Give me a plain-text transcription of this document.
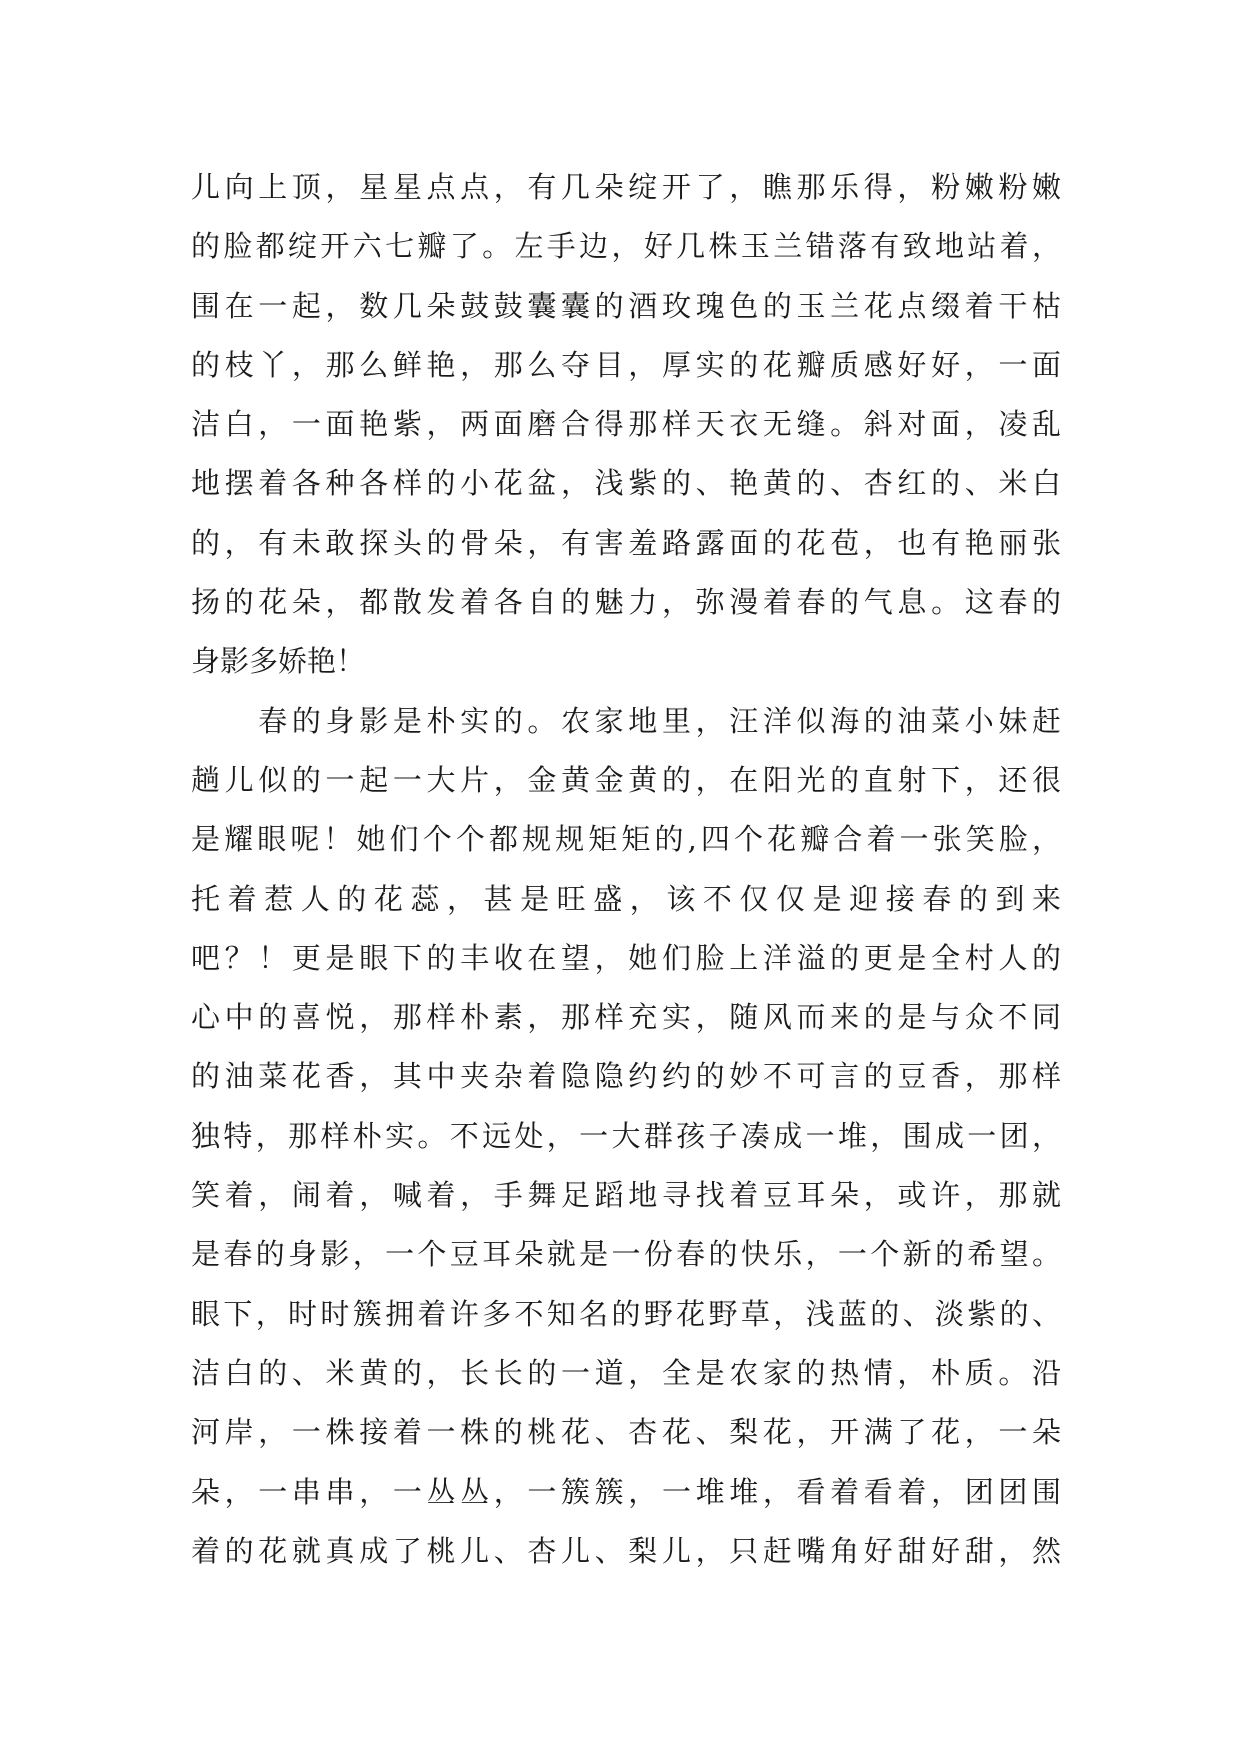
儿向上顶，星星点点，有几朵绽开了，瞧那乐得，粉嫩粉嫩
的脸都绽开六七瓣了。左手边，好几株玉兰错落有致地站着，
围在一起，数几朵鼓鼓囊囊的酒玫瑰色的玉兰花点缀着干枯
的枝丫，那么鲜艳，那么夺目，厚实的花瓣质感好好，一面
洁白，一面艳紫，两面磨合得那样天衣无缝。斜对面，凌乱
地摆着各种各样的小花盆，浅紫的、艳黄的、杏红的、米白
的，有未敢探头的骨朵，有害羞路露面的花苞，也有艳丽张
扬的花朵，都散发着各自的魅力，弥漫着春的气息。这春的
身影多娇艳！
　　春的身影是朴实的。农家地里，汪洋似海的油菜小妹赶
趟儿似的一起一大片，金黄金黄的，在阳光的直射下，还很
是耀眼呢！她们个个都规规矩矩的,四个花瓣合着一张笑脸，
托着惹人的花蕊，甚是旺盛，该不仅仅是迎接春的到来
吧？！更是眼下的丰收在望，她们脸上洋溢的更是全村人的
心中的喜悦，那样朴素，那样充实，随风而来的是与众不同
的油菜花香，其中夹杂着隐隐约约的妙不可言的豆香，那样
独特，那样朴实。不远处，一大群孩子凑成一堆，围成一团，
笑着，闹着，喊着，手舞足蹈地寻找着豆耳朵，或许，那就
是春的身影，一个豆耳朵就是一份春的快乐，一个新的希望。
眼下，时时簇拥着许多不知名的野花野草，浅蓝的、淡紫的、
洁白的、米黄的，长长的一道，全是农家的热情，朴质。沿
河岸，一株接着一株的桃花、杏花、梨花，开满了花，一朵
朵，一串串，一丛丛，一簇簇，一堆堆，看着看着，团团围
着的花就真成了桃儿、杏儿、梨儿，只赶嘴角好甜好甜，然
